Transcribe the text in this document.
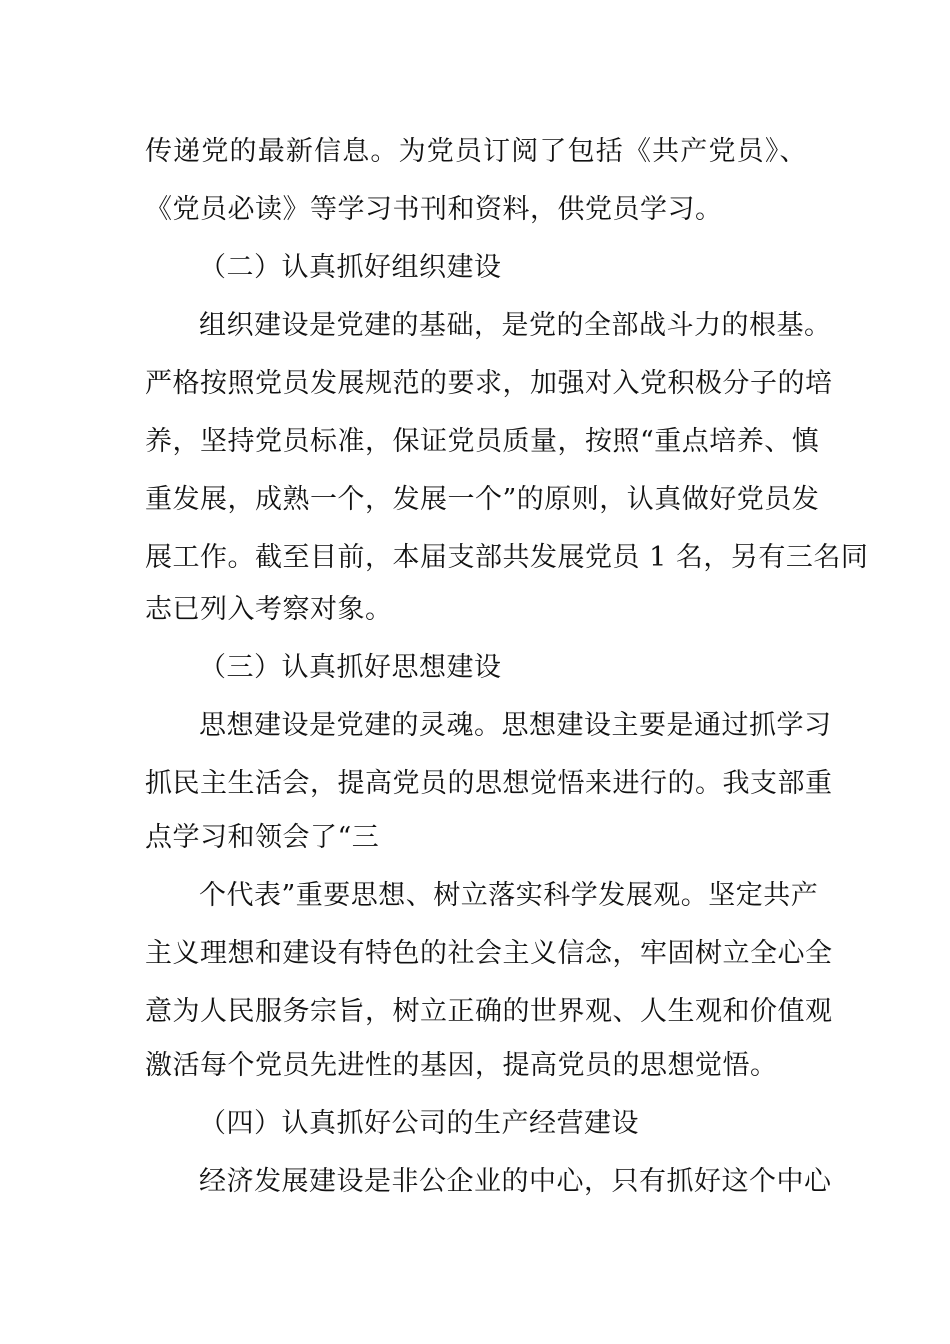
传递党的最新信息。为党员订阅了包括《共产党员》、
《党员必读》等学习书刊和资料，供党员学习。
（二）认真抓好组织建设
组织建设是党建的基础，是党的全部战斗力的根基。
严格按照党员发展规范的要求，加强对入党积极分子的培
养，坚持党员标准，保证党员质量，按照“重点培养、慎
重发展，成熟一个，发展一个”的原则，认真做好党员发
展工作。截至目前，本届支部共发展党员 1 名，另有三名同
志已列入考察对象。
（三）认真抓好思想建设
思想建设是党建的灵魂。思想建设主要是通过抓学习
抓民主生活会，提高党员的思想觉悟来进行的。我支部重
点学习和领会了“三
个代表”重要思想、树立落实科学发展观。坚定共产
主义理想和建设有特色的社会主义信念，牢固树立全心全
意为人民服务宗旨，树立正确的世界观、人生观和价值观
激活每个党员先进性的基因，提高党员的思想觉悟。
（四）认真抓好公司的生产经营建设
经济发展建设是非公企业的中心，只有抓好这个中心
